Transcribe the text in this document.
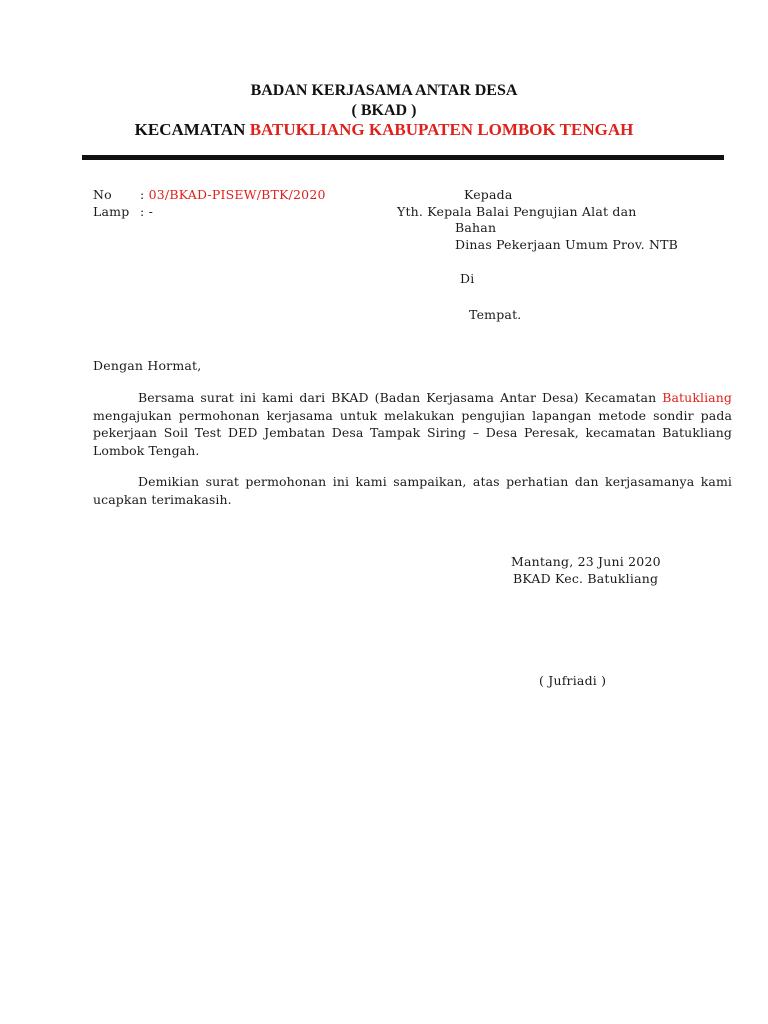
BADAN KERJASAMA ANTAR DESA
( BKAD )
KECAMATAN BATUKLIANG KABUPATEN LOMBOK TENGAH
No : 03/BKAD-PISEW/BTK/2020
Lamp : -
Kepada
Yth. Kepala Balai Pengujian Alat dan
Bahan
Dinas Pekerjaan Umum Prov. NTB
Di
Tempat.
Dengan Hormat,
Bersama surat ini kami dari BKAD (Badan Kerjasama Antar Desa) Kecamatan Batukliang mengajukan permohonan kerjasama untuk melakukan pengujian lapangan metode sondir pada pekerjaan Soil Test DED Jembatan Desa Tampak Siring – Desa Peresak, kecamatan Batukliang Lombok Tengah.
Demikian surat permohonan ini kami sampaikan, atas perhatian dan kerjasamanya kami ucapkan terimakasih.
Mantang, 23 Juni 2020
BKAD Kec. Batukliang
( Jufriadi )
